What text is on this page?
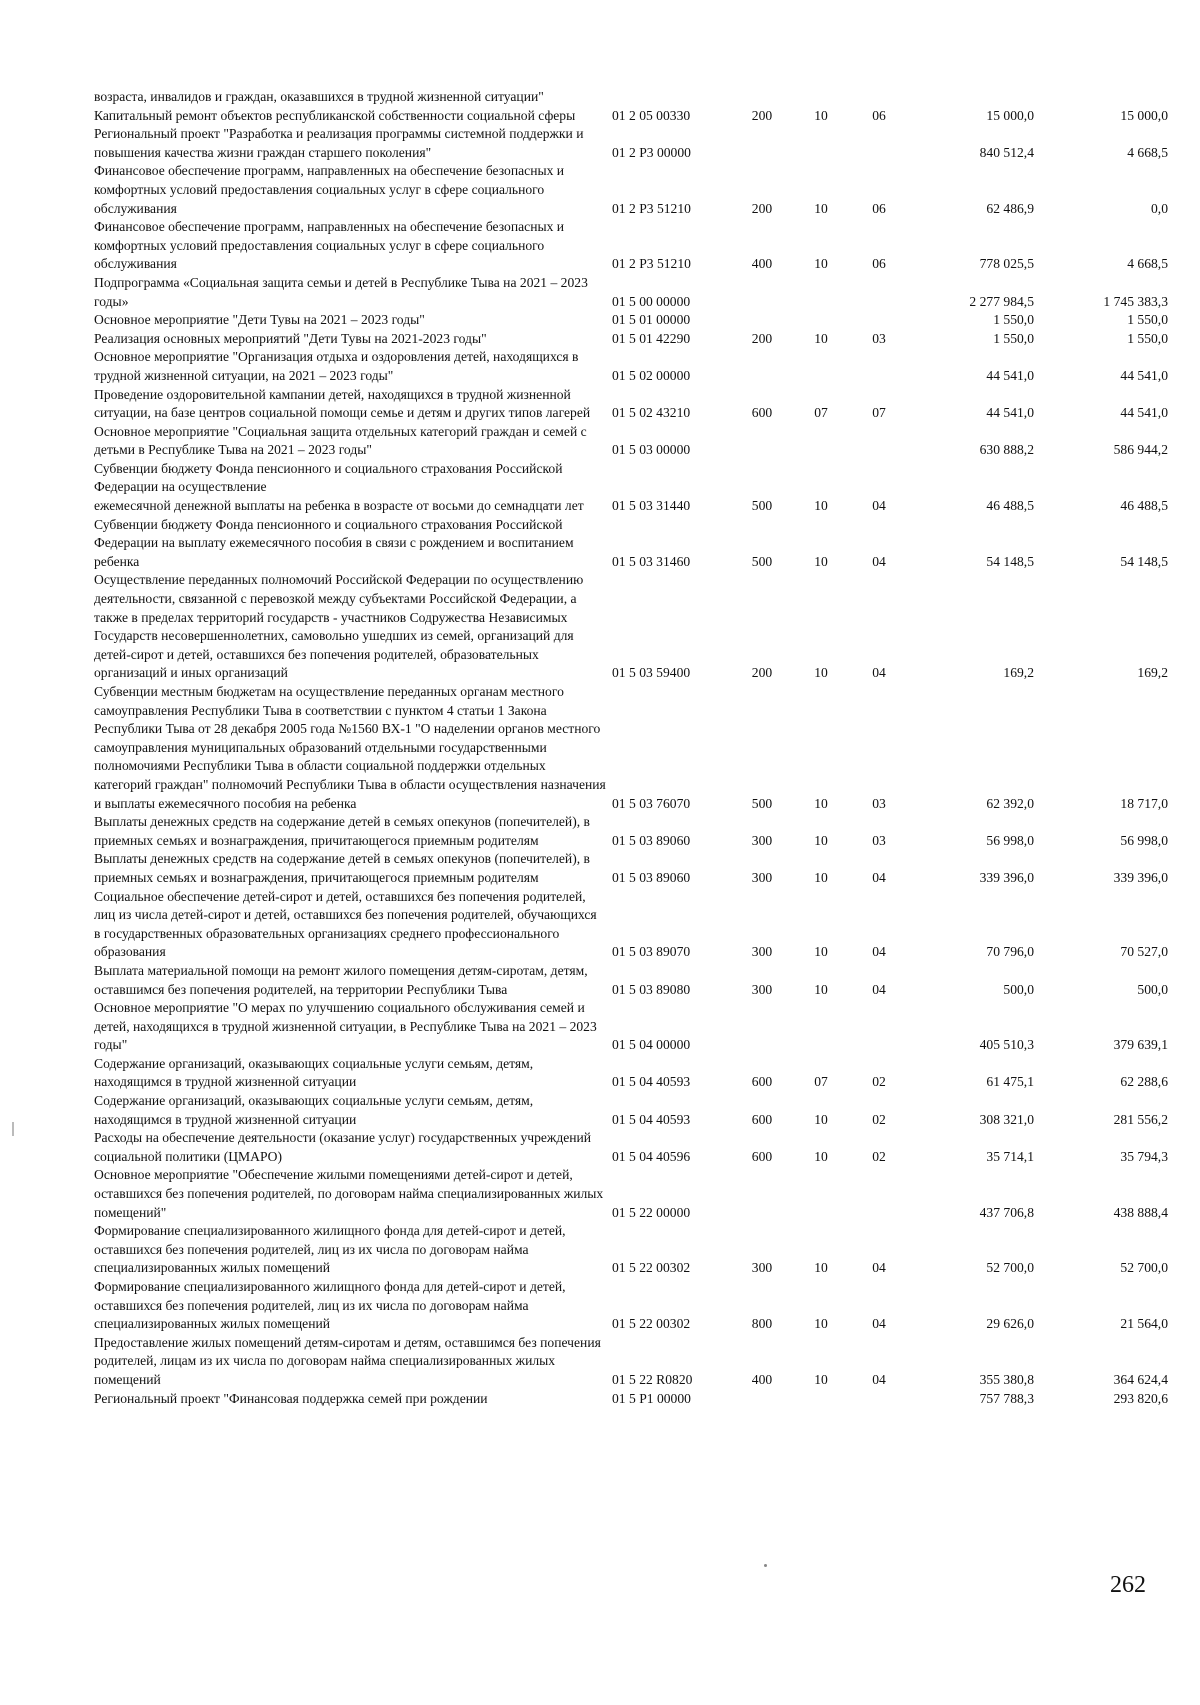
возраста, инвалидов и граждан, оказавшихся в трудной жизненной ситуации"						
Капитальный ремонт объектов республиканской собственности социальной сферы	01 2 05 00330	200	10	06	15 000,0	15 000,0
Региональный проект "Разработка и реализация программы системной поддержки и повышения качества жизни граждан старшего поколения"	01 2 P3 00000				840 512,4	4 668,5
Финансовое обеспечение программ, направленных на обеспечение безопасных и комфортных условий предоставления социальных услуг в сфере социального обслуживания	01 2 P3 51210	200	10	06	62 486,9	0,0
Финансовое обеспечение программ, направленных на обеспечение безопасных и комфортных условий предоставления социальных услуг в сфере социального обслуживания	01 2 P3 51210	400	10	06	778 025,5	4 668,5
Подпрограмма «Социальная защита семьи и детей в Республике Тыва на 2021 – 2023 годы»	01 5 00 00000				2 277 984,5	1 745 383,3
Основное мероприятие "Дети Тувы на 2021 – 2023 годы"	01 5 01 00000				1 550,0	1 550,0
Реализация основных мероприятий "Дети Тувы на 2021-2023 годы"	01 5 01 42290	200	10	03	1 550,0	1 550,0
Основное мероприятие "Организация отдыха и оздоровления детей, находящихся в трудной жизненной ситуации, на 2021 – 2023 годы"	01 5 02 00000				44 541,0	44 541,0
Проведение оздоровительной кампании детей, находящихся в трудной жизненной ситуации, на базе центров социальной помощи семье и детям и других типов лагерей	01 5 02 43210	600	07	07	44 541,0	44 541,0
Основное мероприятие "Социальная защита отдельных категорий граждан и семей с детьми в Республике Тыва на 2021 – 2023 годы"	01 5 03 00000				630 888,2	586 944,2
Субвенции бюджету Фонда пенсионного и социального страхования Российской Федерации на осуществление
ежемесячной денежной выплаты на ребенка в возрасте от восьми до семнадцати лет	01 5 03 31440	500	10	04	46 488,5	46 488,5
Субвенции бюджету Фонда пенсионного и социального страхования Российской Федерации на выплату ежемесячного пособия в связи с рождением и воспитанием ребенка	01 5 03 31460	500	10	04	54 148,5	54 148,5
Осуществление переданных полномочий Российской Федерации по осуществлению деятельности, связанной с перевозкой между субъектами Российской Федерации, а также в пределах территорий государств - участников Содружества Независимых Государств несовершеннолетних, самовольно ушедших из семей, организаций для детей-сирот и детей, оставшихся без попечения родителей, образовательных организаций и иных организаций	01 5 03 59400	200	10	04	169,2	169,2
Субвенции местным бюджетам на осуществление переданных органам местного самоуправления Республики Тыва в соответствии с пунктом 4 статьи 1 Закона Республики Тыва от 28 декабря 2005 года №1560 ВХ-1 "О наделении органов местного самоуправления муниципальных образований отдельными государственными полномочиями Республики Тыва в области социальной поддержки отдельных категорий граждан" полномочий Республики Тыва в области осуществления назначения и выплаты ежемесячного пособия на ребенка	01 5 03 76070	500	10	03	62 392,0	18 717,0
Выплаты денежных средств на содержание детей в семьях опекунов (попечителей), в приемных семьях и вознаграждения, причитающегося приемным родителям	01 5 03 89060	300	10	03	56 998,0	56 998,0
Выплаты денежных средств на содержание детей в семьях опекунов (попечителей), в приемных семьях и вознаграждения, причитающегося приемным родителям	01 5 03 89060	300	10	04	339 396,0	339 396,0
Социальное обеспечение детей-сирот и детей, оставшихся без попечения родителей, лиц из числа детей-сирот и детей, оставшихся без попечения родителей, обучающихся в государственных образовательных организациях среднего профессионального образования	01 5 03 89070	300	10	04	70 796,0	70 527,0
Выплата материальной помощи на ремонт жилого помещения детям-сиротам, детям, оставшимся без попечения родителей, на территории Республики Тыва	01 5 03 89080	300	10	04	500,0	500,0
Основное мероприятие "О мерах по улучшению социального обслуживания семей и детей, находящихся в трудной жизненной ситуации, в Республике Тыва на 2021 – 2023 годы"	01 5 04 00000				405 510,3	379 639,1
Содержание организаций, оказывающих социальные услуги семьям, детям, находящимся в трудной жизненной ситуации	01 5 04 40593	600	07	02	61 475,1	62 288,6
Содержание организаций, оказывающих социальные услуги семьям, детям, находящимся в трудной жизненной ситуации	01 5 04 40593	600	10	02	308 321,0	281 556,2
Расходы на обеспечение деятельности (оказание услуг) государственных учреждений социальной политики (ЦМАРО)	01 5 04 40596	600	10	02	35 714,1	35 794,3
Основное мероприятие "Обеспечение жилыми помещениями детей-сирот и детей, оставшихся без попечения родителей, по договорам найма специализированных жилых помещений"	01 5 22 00000				437 706,8	438 888,4
Формирование специализированного жилищного фонда для детей-сирот и детей, оставшихся без попечения родителей, лиц из их числа по договорам найма специализированных жилых помещений	01 5 22 00302	300	10	04	52 700,0	52 700,0
Формирование специализированного жилищного фонда для детей-сирот и детей, оставшихся без попечения родителей, лиц из их числа по договорам найма специализированных жилых помещений	01 5 22 00302	800	10	04	29 626,0	21 564,0
Предоставление жилых помещений детям-сиротам и детям, оставшимся без попечения родителей, лицам из их числа по договорам найма специализированных жилых помещений	01 5 22 R0820	400	10	04	355 380,8	364 624,4
Региональный проект "Финансовая поддержка семей при рождении	01 5 P1 00000				757 788,3	293 820,6
262
